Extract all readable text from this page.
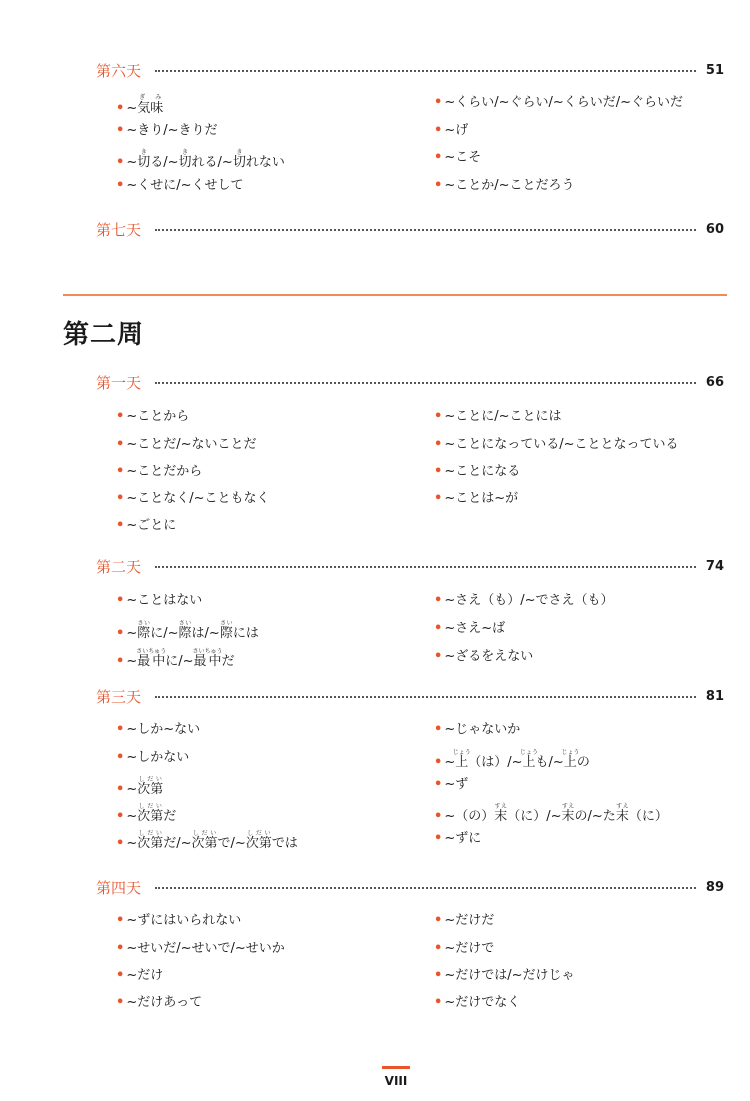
第六天	51
• ~気味ぎ み
• ~きり/~きりだ
• ~切きる/~切きれる/~切きれない
• ~くせに/~くせして
• ~くらい/~ぐらい/~くらいだ/~ぐらいだ
• ~げ
• ~こそ
• ~ことか/~ことだろう
第七天	60
第二周
第一天	66
• ~ことから
• ~ことだ/~ないことだ
• ~ことだから
• ~ことなく/~こともなく
• ~ごとに
• ~ことに/~ことには
• ~ことになっている/~こととなっている
• ~ことになる
• ~ことは~が
第二天	74
• ~ことはない
• ~際さいに/~際さいは/~際さいには
• ~最中さいちゅうに/~最中さいちゅうだ
• ~さえ（も）/~でさえ（も）
• ~さえ~ば
• ~ざるをえない
第三天	81
• ~しか~ない
• ~しかない
• ~次第しだい
• ~次第しだいだ
• ~次第しだいだ/~次第しだいで/~次第しだいでは
• ~じゃないか
• ~上じょう（は）/~上じょうも/~上じょうの
• ~ず
• ~（の）末すえ（に）/~末すえの/~た末すえ（に）
• ~ずに
第四天	89
• ~ずにはいられない
• ~せいだ/~せいで/~せいか
• ~だけ
• ~だけあって
• ~だけだ
• ~だけで
• ~だけでは/~だけじゃ
• ~だけでなく
VIII
